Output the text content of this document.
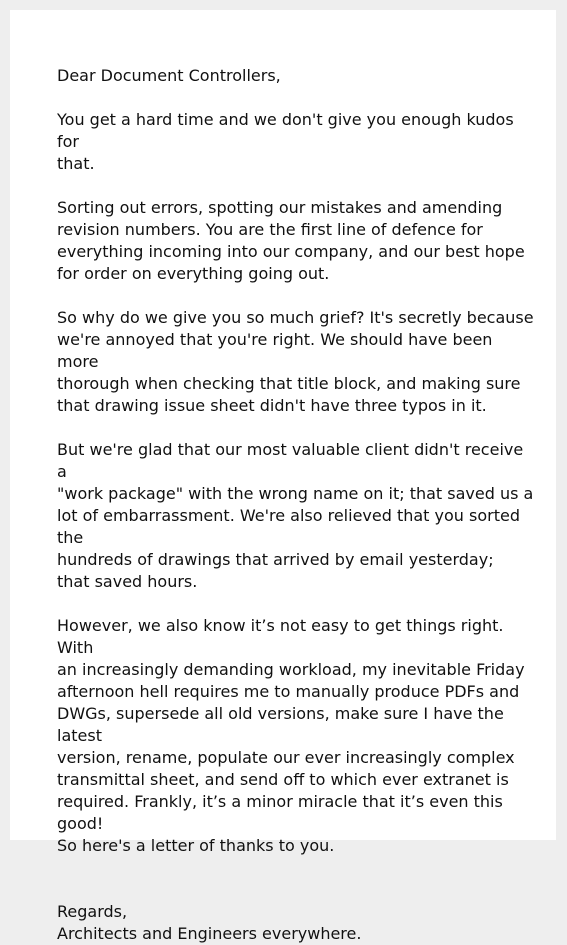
Dear Document Controllers,

You get a hard time and we don't give you enough kudos for
that.

Sorting out errors, spotting our mistakes and amending
revision numbers. You are the first line of defence for
everything incoming into our company, and our best hope
for order on everything going out.

So why do we give you so much grief? It's secretly because
we're annoyed that you're right. We should have been more
thorough when checking that title block, and making sure
that drawing issue sheet didn't have three typos in it.

But we're glad that our most valuable client didn't receive a
"work package" with the wrong name on it; that saved us a
lot of embarrassment. We're also relieved that you sorted the
hundreds of drawings that arrived by email yesterday;
that saved hours.

However, we also know it’s not easy to get things right. With
an increasingly demanding workload, my inevitable Friday
afternoon hell requires me to manually produce PDFs and
DWGs, supersede all old versions, make sure I have the latest
version, rename, populate our ever increasingly complex
transmittal sheet, and send off to which ever extranet is
required. Frankly, it’s a minor miracle that it’s even this good!
So here's a letter of thanks to you.

Regards,

Architects and Engineers everywhere.
